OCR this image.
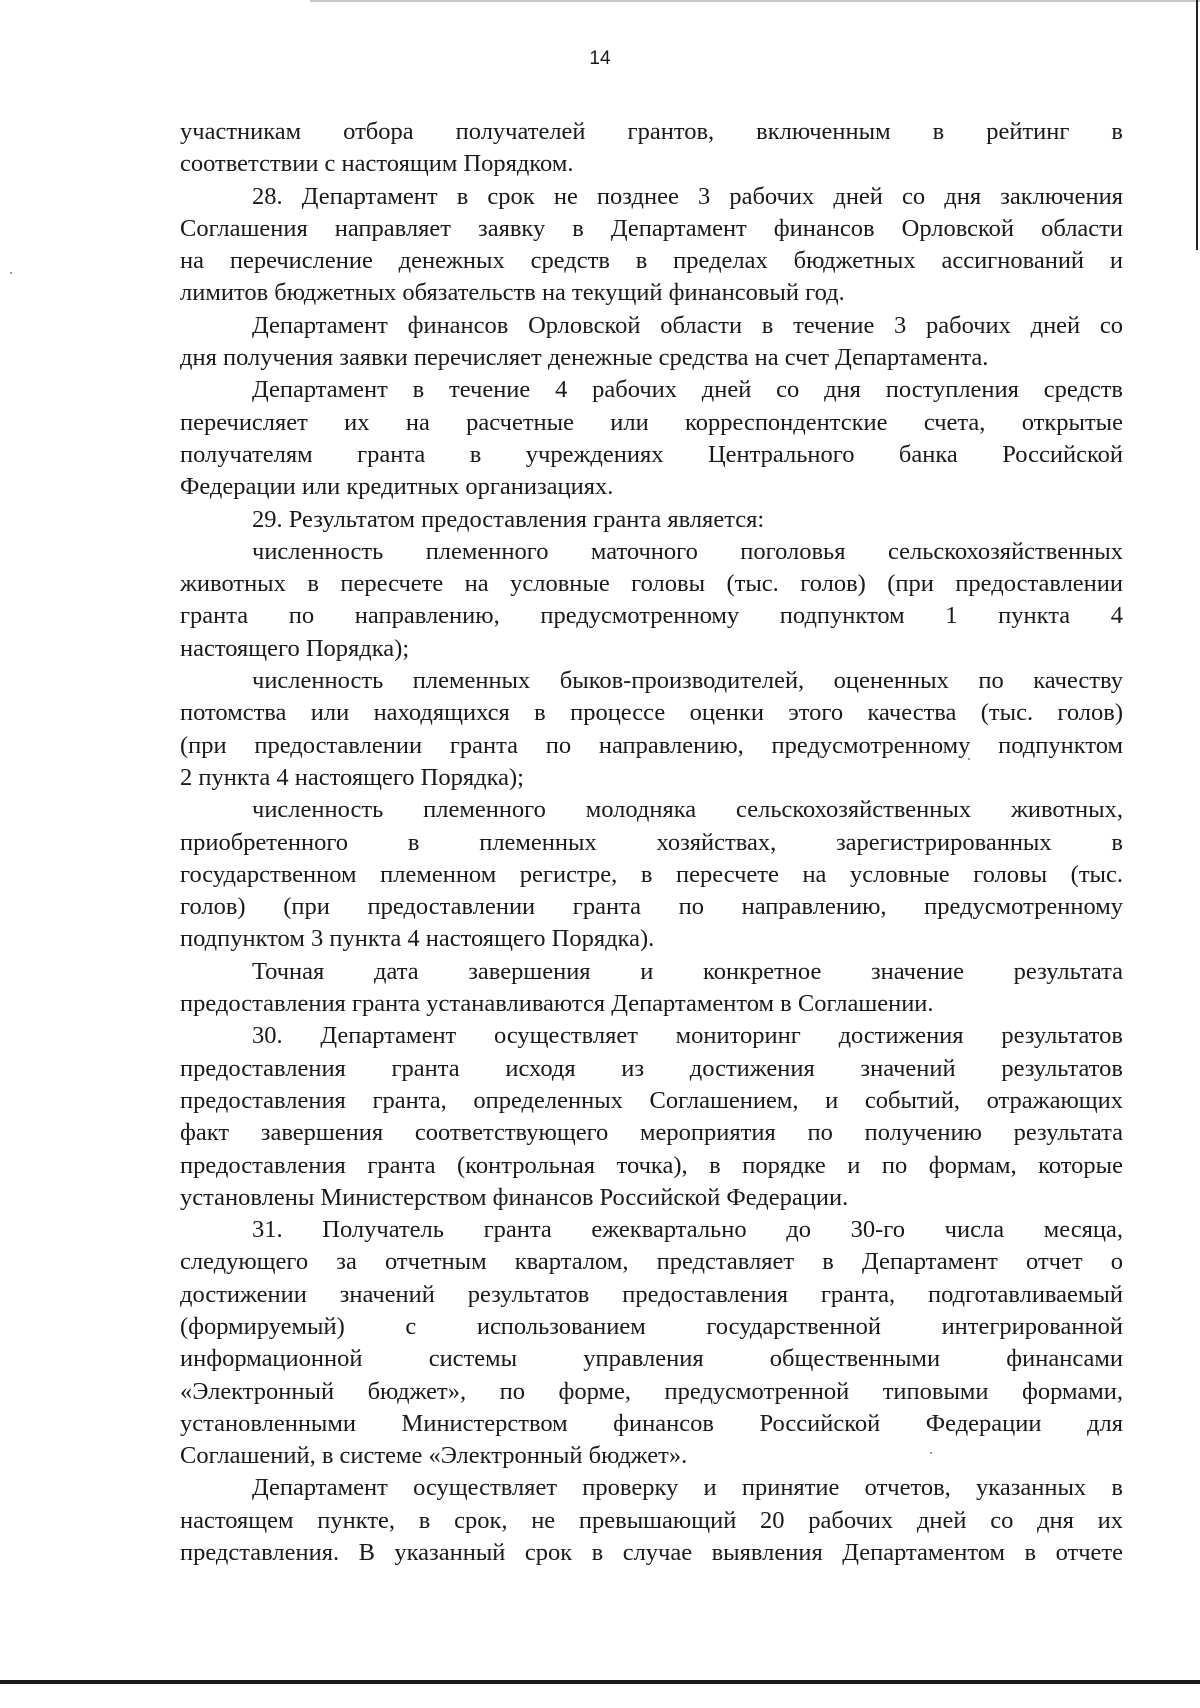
14
участникам отбора получателей грантов, включенным в рейтинг в
соответствии с настоящим Порядком.
28. Департамент в срок не позднее 3 рабочих дней со дня заключения
Соглашения направляет заявку в Департамент финансов Орловской области
на перечисление денежных средств в пределах бюджетных ассигнований и
лимитов бюджетных обязательств на текущий финансовый год.
Департамент финансов Орловской области в течение 3 рабочих дней со
дня получения заявки перечисляет денежные средства на счет Департамента.
Департамент в течение 4 рабочих дней со дня поступления средств
перечисляет их на расчетные или корреспондентские счета, открытые
получателям гранта в учреждениях Центрального банка Российской
Федерации или кредитных организациях.
29. Результатом предоставления гранта является:
численность племенного маточного поголовья сельскохозяйственных
животных в пересчете на условные головы (тыс. голов) (при предоставлении
гранта по направлению, предусмотренному подпунктом 1 пункта 4
настоящего Порядка);
численность племенных быков-производителей, оцененных по качеству
потомства или находящихся в процессе оценки этого качества (тыс. голов)
(при предоставлении гранта по направлению, предусмотренному подпунктом
2 пункта 4 настоящего Порядка);
численность племенного молодняка сельскохозяйственных животных,
приобретенного в племенных хозяйствах, зарегистрированных в
государственном племенном регистре, в пересчете на условные головы (тыс.
голов) (при предоставлении гранта по направлению, предусмотренному
подпунктом 3 пункта 4 настоящего Порядка).
Точная дата завершения и конкретное значение результата
предоставления гранта устанавливаются Департаментом в Соглашении.
30. Департамент осуществляет мониторинг достижения результатов
предоставления гранта исходя из достижения значений результатов
предоставления гранта, определенных Соглашением, и событий, отражающих
факт завершения соответствующего мероприятия по получению результата
предоставления гранта (контрольная точка), в порядке и по формам, которые
установлены Министерством финансов Российской Федерации.
31. Получатель гранта ежеквартально до 30-го числа месяца,
следующего за отчетным кварталом, представляет в Департамент отчет о
достижении значений результатов предоставления гранта, подготавливаемый
(формируемый) с использованием государственной интегрированной
информационной системы управления общественными финансами
«Электронный бюджет», по форме, предусмотренной типовыми формами,
установленными Министерством финансов Российской Федерации для
Соглашений, в системе «Электронный бюджет».
Департамент осуществляет проверку и принятие отчетов, указанных в
настоящем пункте, в срок, не превышающий 20 рабочих дней со дня их
представления. В указанный срок в случае выявления Департаментом в отчете
